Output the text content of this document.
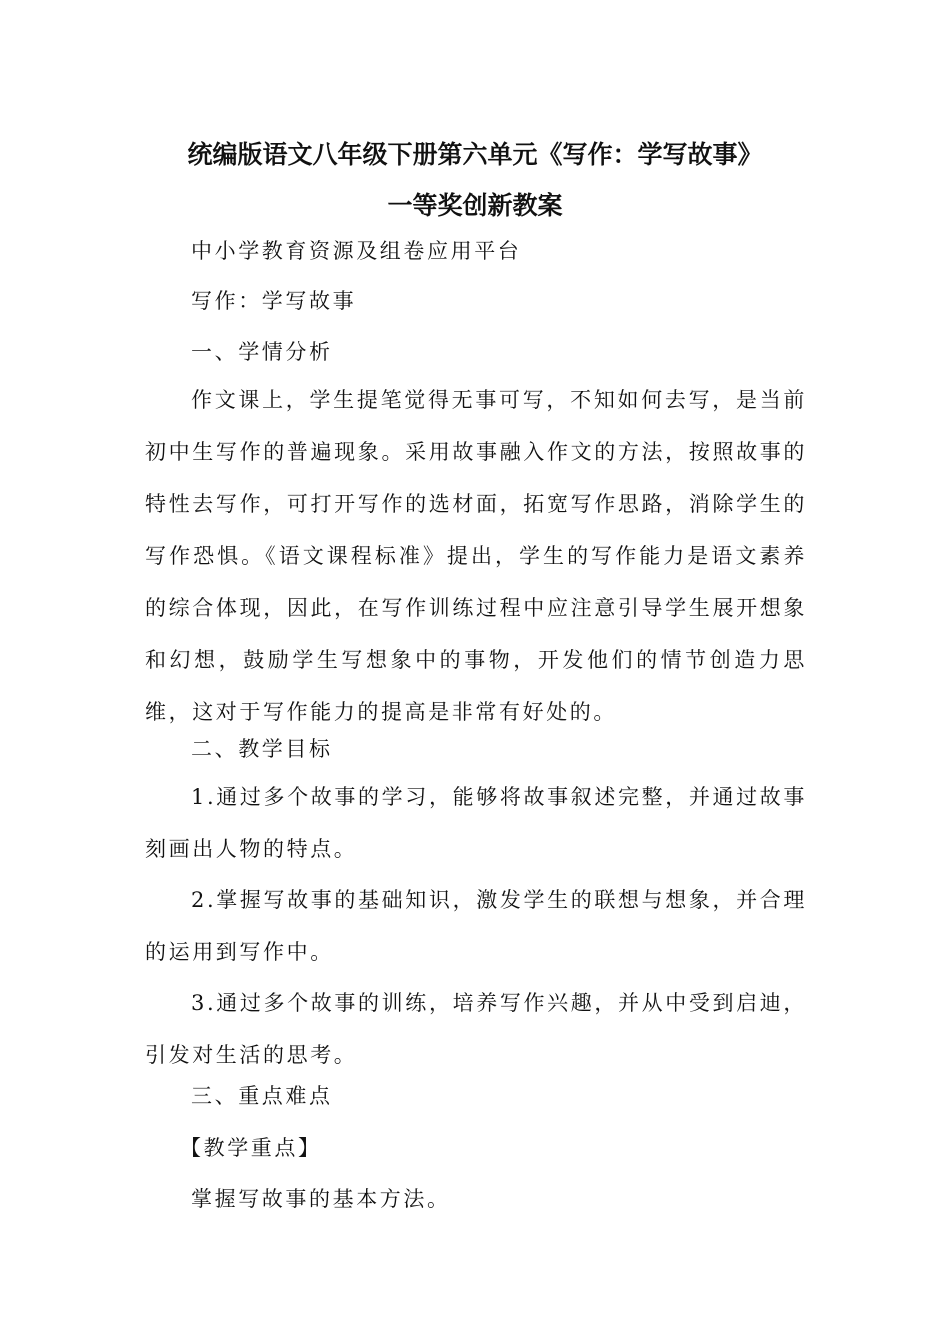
统编版语文八年级下册第六单元《写作：学写故事》
一等奖创新教案

中小学教育资源及组卷应用平台

写作：学写故事

一、学情分析

作文课上，学生提笔觉得无事可写，不知如何去写，是当前初中生写作的普遍现象。采用故事融入作文的方法，按照故事的特性去写作，可打开写作的选材面，拓宽写作思路，消除学生的写作恐惧。《语文课程标准》提出，学生的写作能力是语文素养的综合体现，因此，在写作训练过程中应注意引导学生展开想象和幻想，鼓励学生写想象中的事物，开发他们的情节创造力思维，这对于写作能力的提高是非常有好处的。

二、教学目标

1.通过多个故事的学习，能够将故事叙述完整，并通过故事刻画出人物的特点。

2.掌握写故事的基础知识，激发学生的联想与想象，并合理的运用到写作中。

3.通过多个故事的训练，培养写作兴趣，并从中受到启迪，引发对生活的思考。

三、重点难点

【教学重点】

掌握写故事的基本方法。
